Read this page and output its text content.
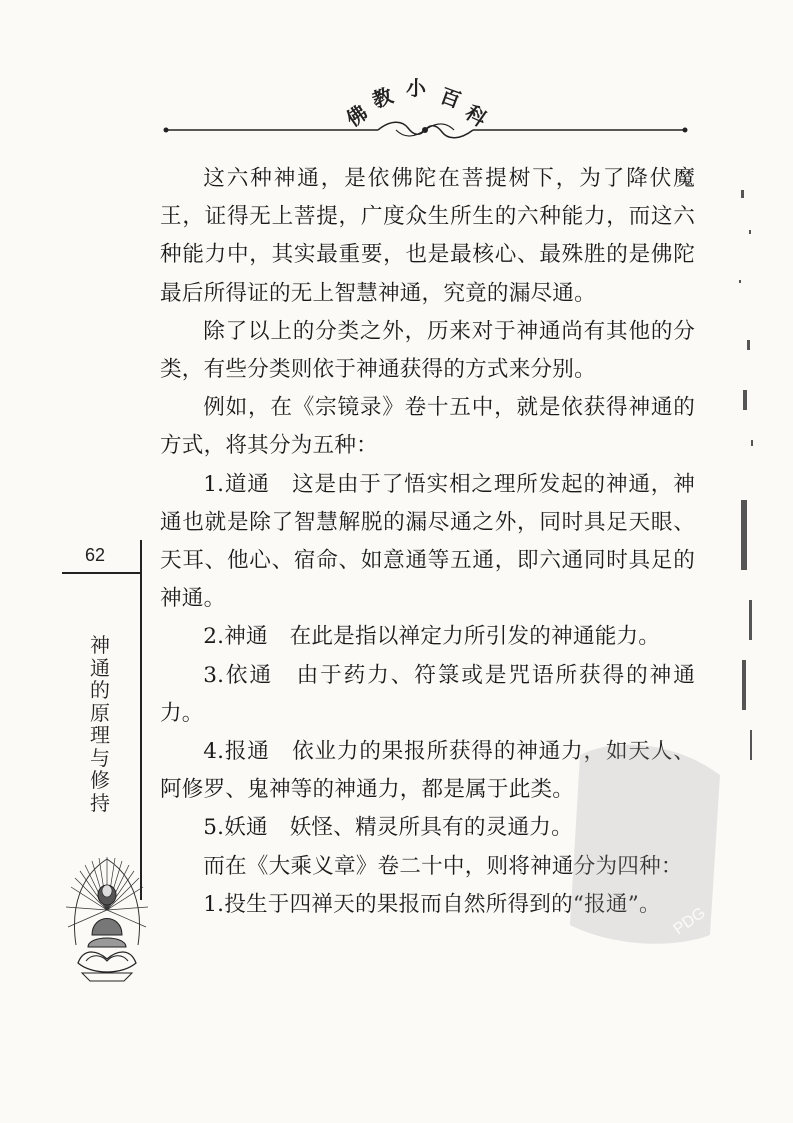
佛
教 小 百
科
62
神
通
的
原
理
与
修
持

这六种神通，是依佛陀在菩提树下，为了降伏魔王，证得无上菩提，广度众生所生的六种能力，而这六种能力中，其实最重要，也是最核心、最殊胜的是佛陀最后所得证的无上智慧神通，究竟的漏尽通。

除了以上的分类之外，历来对于神通尚有其他的分类，有些分类则依于神通获得的方式来分别。

例如，在《宗镜录》卷十五中，就是依获得神通的方式，将其分为五种：

1.道通　 这是由于了悟实相之理所发起的神通，神通也就是除了智慧解脱的漏尽通之外，同时具足天眼、天耳、他心、宿命、如意通等五通，即六通同时具足的神通。

2.神通　 在此是指以禅定力所引发的神通能力。

3.依通　 由于药力、符箓或是咒语所获得的神通力。

4.报通　 依业力的果报所获得的神通力，如天人、阿修罗、鬼神等的神通力，都是属于此类。

5.妖通　 妖怪、精灵所具有的灵通力。

而在《大乘义章》卷二十中，则将神通分为四种：

1.投生于四禅天的果报而自然所得到的“报通”。

PDG
